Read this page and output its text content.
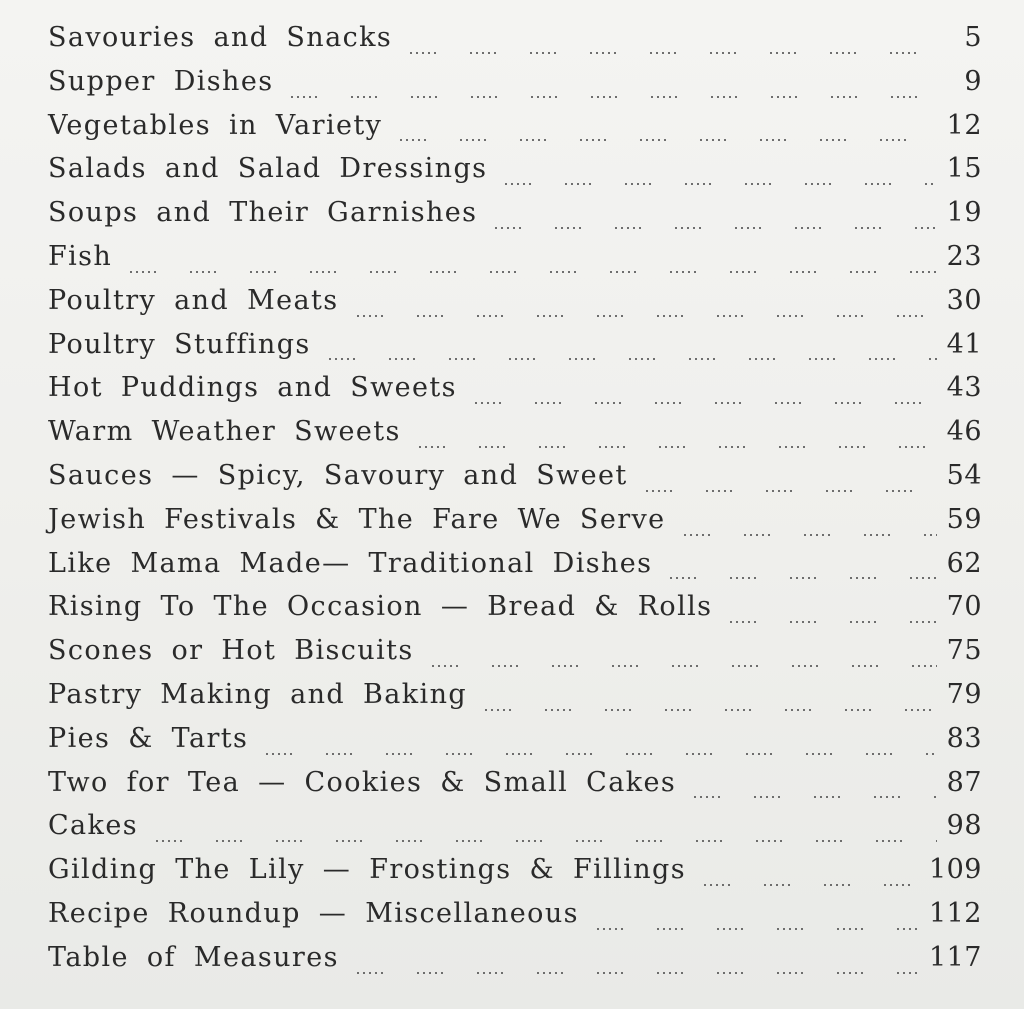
Savouries and Snacks	5
Supper Dishes	9
Vegetables in Variety	12
Salads and Salad Dressings	15
Soups and Their Garnishes	19
Fish	23
Poultry and Meats	30
Poultry Stuffings	41
Hot Puddings and Sweets	43
Warm Weather Sweets	46
Sauces — Spicy, Savoury and Sweet	54
Jewish Festivals & The Fare We Serve	59
Like Mama Made— Traditional Dishes	62
Rising To The Occasion — Bread & Rolls	70
Scones or Hot Biscuits	75
Pastry Making and Baking	79
Pies & Tarts	83
Two for Tea — Cookies & Small Cakes	87
Cakes	98
Gilding The Lily — Frostings & Fillings	109
Recipe Roundup — Miscellaneous	112
Table of Measures	117
